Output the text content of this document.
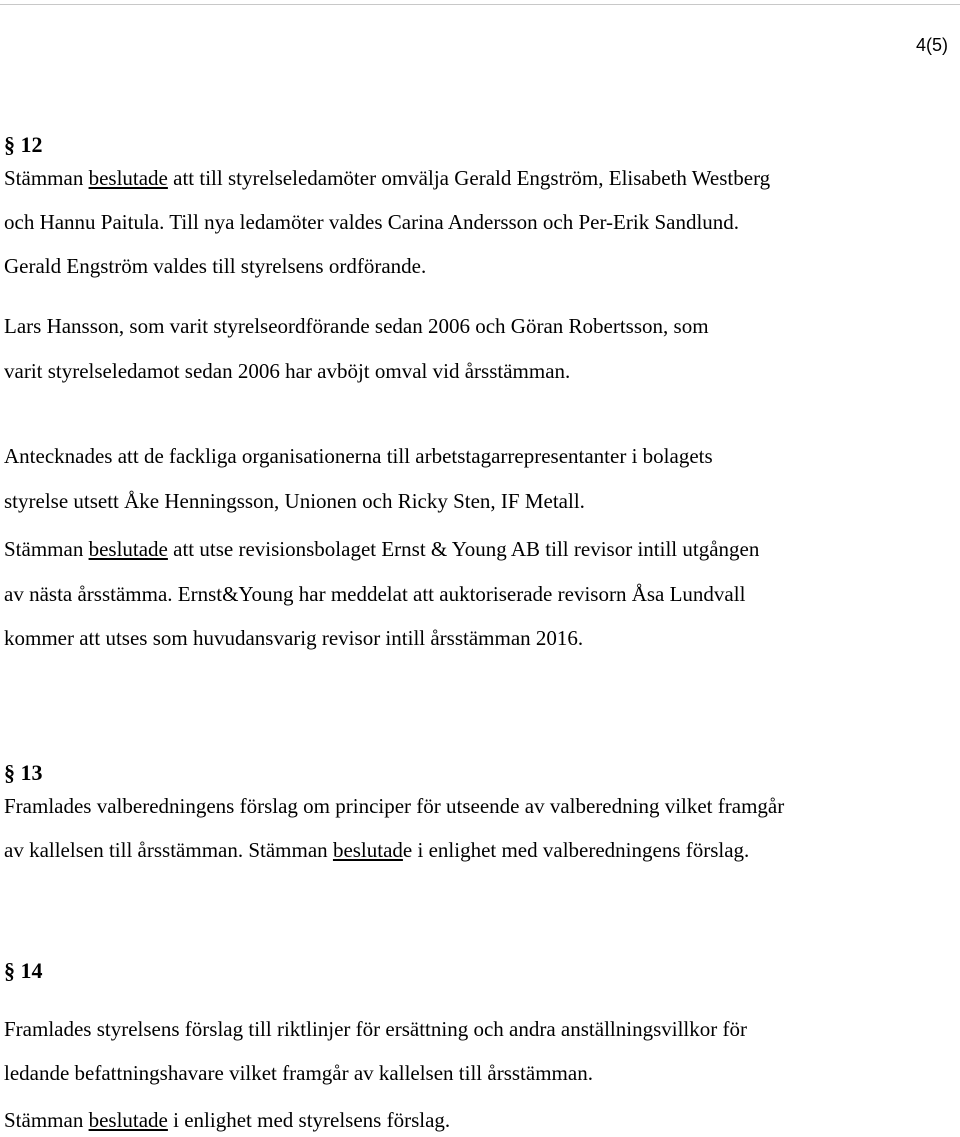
4(5)
§ 12
Stämman beslutade att till styrelseledamöter omvälja Gerald Engström, Elisabeth Westberg
och Hannu Paitula. Till nya ledamöter valdes Carina Andersson och Per-Erik Sandlund.
Gerald Engström valdes till styrelsens ordförande.
Lars Hansson, som varit styrelseordförande sedan 2006 och Göran Robertsson, som
varit styrelseledamot sedan 2006 har avböjt omval vid årsstämman.
Antecknades att de fackliga organisationerna till arbetstagarrepresentanter i bolagets
styrelse utsett Åke Henningsson, Unionen och Ricky Sten, IF Metall.
Stämman beslutade att utse revisionsbolaget Ernst & Young AB till revisor intill utgången
av nästa årsstämma. Ernst&Young har meddelat att auktoriserade revisorn Åsa Lundvall
kommer att utses som huvudansvarig revisor intill årsstämman 2016.
§ 13
Framlades valberedningens förslag om principer för utseende av valberedning vilket framgår
av kallelsen till årsstämman. Stämman beslutade i enlighet med valberedningens förslag.
§ 14
Framlades styrelsens förslag till riktlinjer för ersättning och andra anställningsvillkor för
ledande befattningshavare vilket framgår av kallelsen till årsstämman.
Stämman beslutade i enlighet med styrelsens förslag.
